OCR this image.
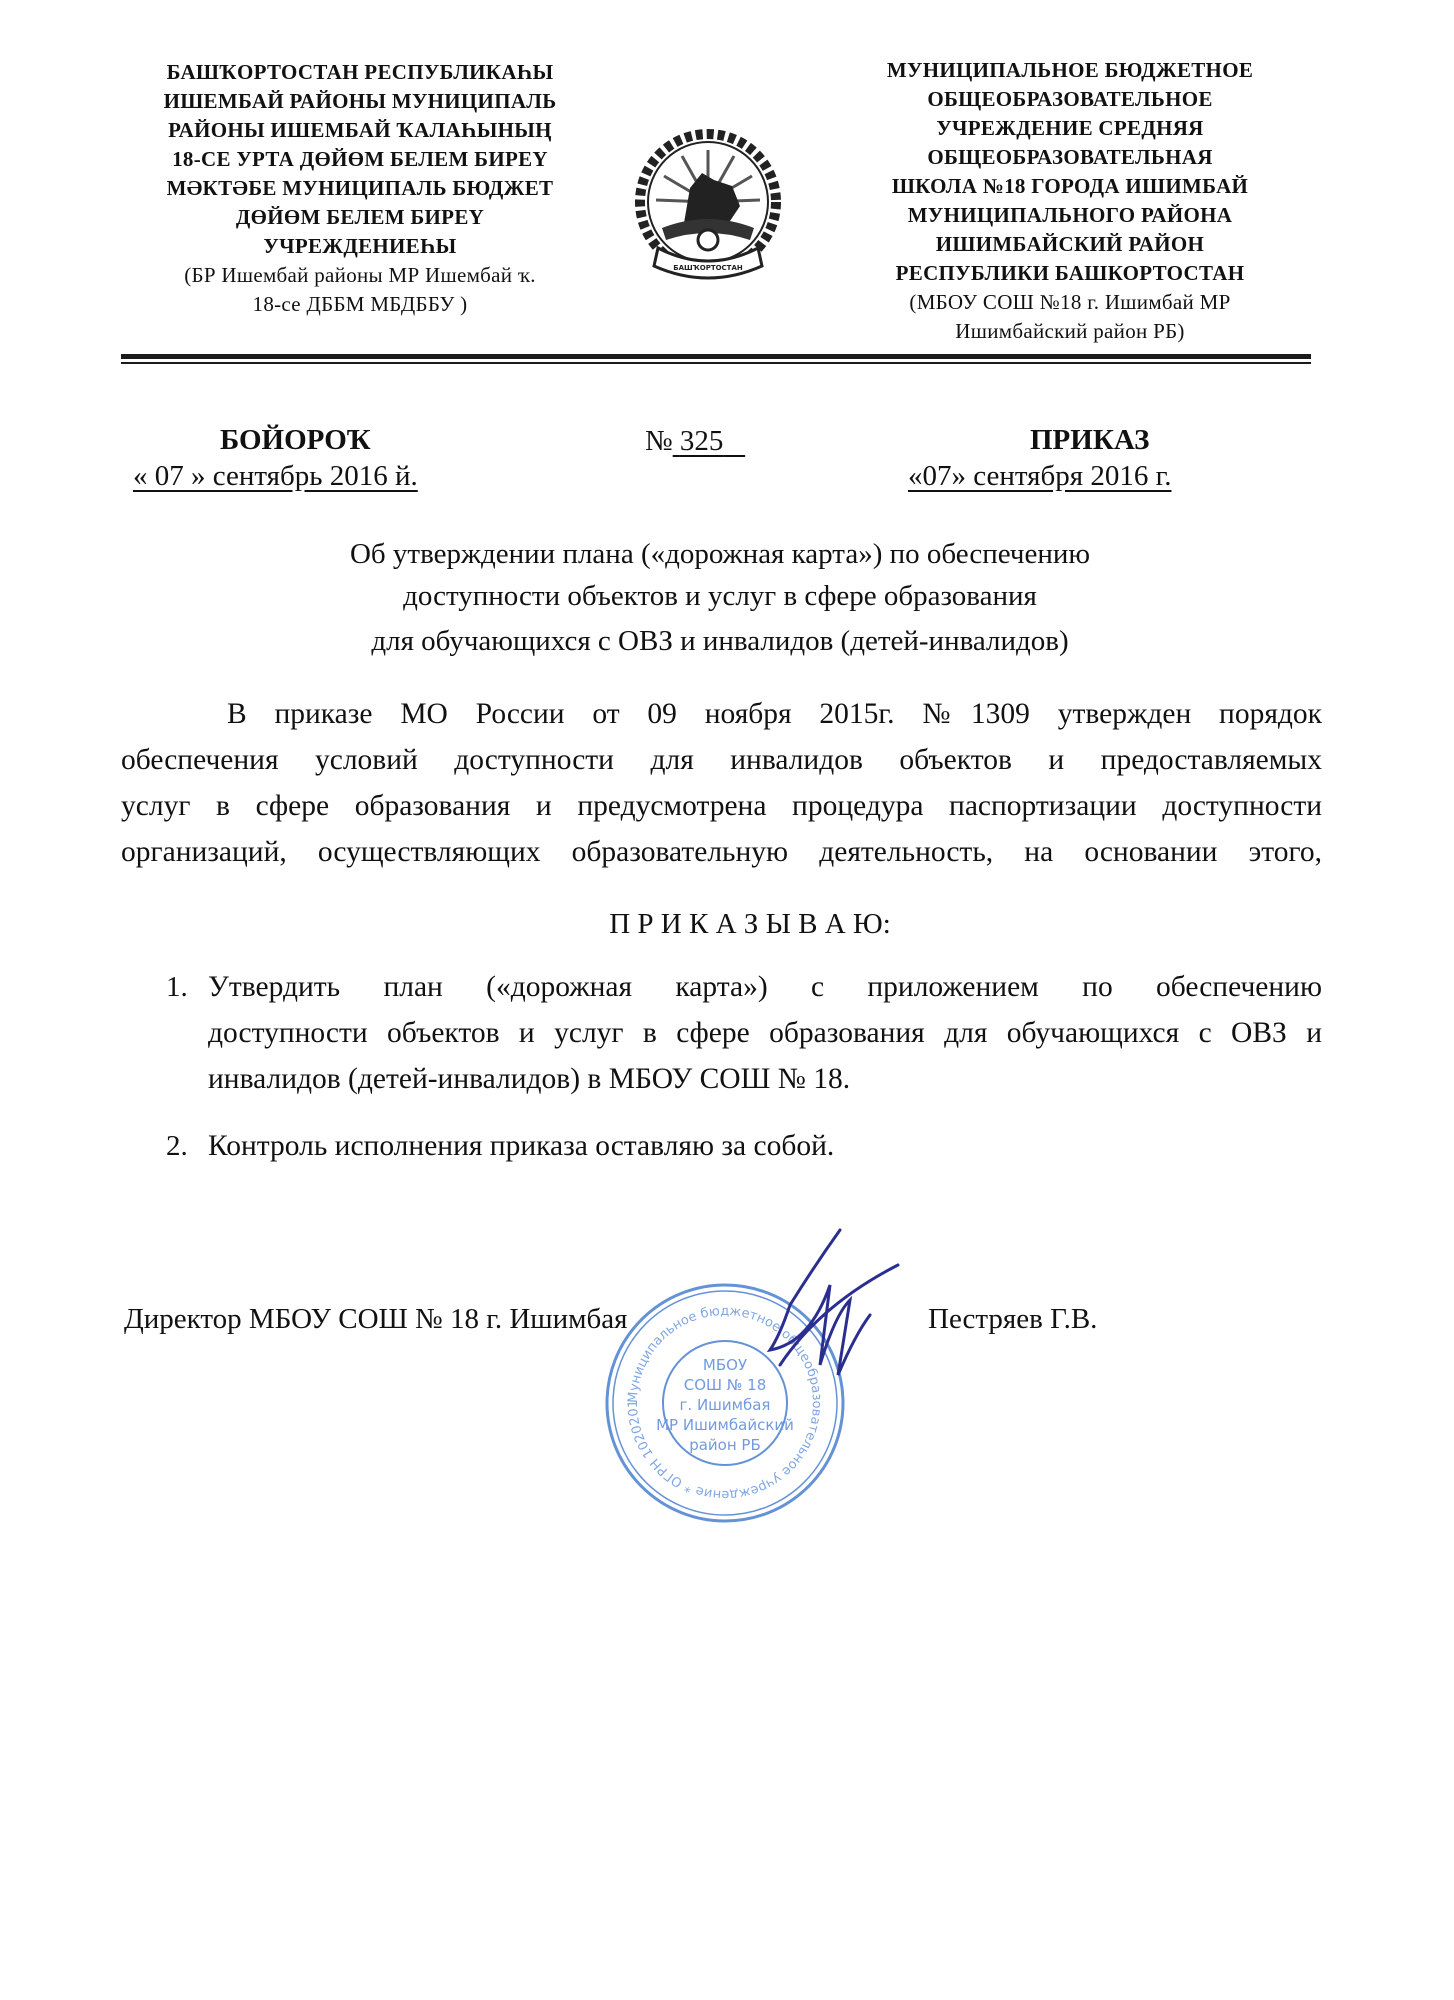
БАШҠОРТОСТАН РЕСПУБЛИКАҺЫ
ИШЕМБАЙ РАЙОНЫ МУНИЦИПАЛЬ
РАЙОНЫ ИШЕМБАЙ ҠАЛАҺЫНЫҢ
18-СЕ УРТА ДӨЙӨМ БЕЛЕМ БИРЕҮ
МӘКТӘБЕ МУНИЦИПАЛЬ БЮДЖЕТ
ДӨЙӨМ БЕЛЕМ БИРЕҮ
УЧРЕЖДЕНИЕҺЫ
(БР Ишембай районы МР Ишембай ҡ.
18-се ДББМ МБДББУ )
БАШҠОРТОСТАН
МУНИЦИПАЛЬНОЕ БЮДЖЕТНОЕ
ОБЩЕОБРАЗОВАТЕЛЬНОЕ
УЧРЕЖДЕНИЕ СРЕДНЯЯ
ОБЩЕОБРАЗОВАТЕЛЬНАЯ
ШКОЛА №18 ГОРОДА ИШИМБАЙ
МУНИЦИПАЛЬНОГО РАЙОНА
ИШИМБАЙСКИЙ РАЙОН
РЕСПУБЛИКИ БАШКОРТОСТАН
(МБОУ СОШ №18 г. Ишимбай МР
Ишимбайский район РБ)
БОЙОРОҠ
« 07 » сентябрь 2016 й.
№ 325	ПРИКАЗ
«07» сентября 2016 г.
Об утверждении плана («дорожная карта») по обеспечению
доступности объектов и услуг в сфере образования
для обучающихся с ОВЗ и инвалидов (детей-инвалидов)
В приказе МО России от 09 ноября 2015г. №1309 утвержден порядок
обеспечения условий доступности для инвалидов объектов и предоставляемых
услуг в сфере образования и предусмотрена процедура паспортизации доступности
организаций, осуществляющих образовательную деятельность, на основании этого,
П Р И К А З Ы В А Ю:
1. Утвердить план («дорожная карта») с приложением по обеспечению
доступности объектов и услуг в сфере образования для обучающихся с ОВЗ и
инвалидов (детей-инвалидов) в МБОУ СОШ № 18.
2. Контроль исполнения приказа оставляю за собой.
МБОУ
СОШ № 18
г. Ишимбая
МР Ишимбайский
район РБ
Муниципальное бюджетное общеобразовательное учреждение * ОГРН 1020201
Директор МБОУ СОШ № 18 г. Ишимбая	Пестряев Г.В.
